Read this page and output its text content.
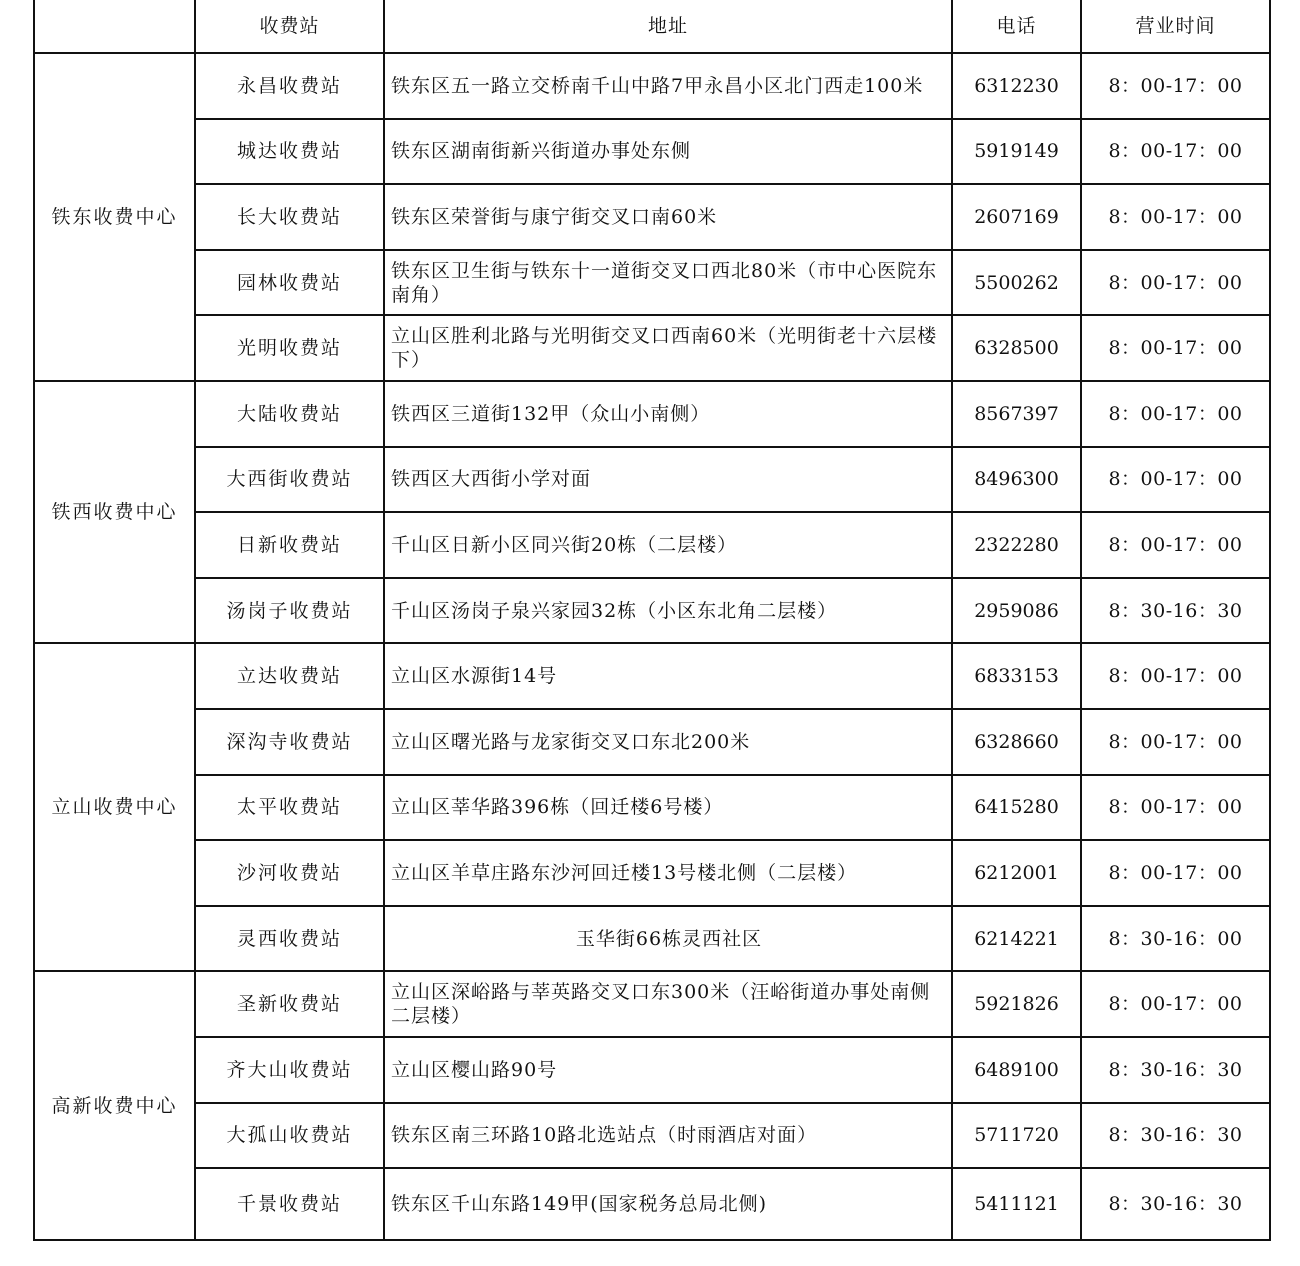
	收费站	地址	电话	营业时间
铁东收费中心	永昌收费站	铁东区五一路立交桥南千山中路7甲永昌小区北门西走100米	6312230	8：00-17：00
	城达收费站	铁东区湖南街新兴街道办事处东侧	5919149	8：00-17：00
	长大收费站	铁东区荣誉街与康宁街交叉口南60米	2607169	8：00-17：00
	园林收费站	铁东区卫生街与铁东十一道街交叉口西北80米（市中心医院东南角）	5500262	8：00-17：00
	光明收费站	立山区胜利北路与光明街交叉口西南60米（光明街老十六层楼下）	6328500	8：00-17：00
铁西收费中心	大陆收费站	铁西区三道街132甲（众山小南侧）	8567397	8：00-17：00
	大西街收费站	铁西区大西街小学对面	8496300	8：00-17：00
	日新收费站	千山区日新小区同兴街20栋（二层楼）	2322280	8：00-17：00
	汤岗子收费站	千山区汤岗子泉兴家园32栋（小区东北角二层楼）	2959086	8：30-16：30
立山收费中心	立达收费站	立山区水源街14号	6833153	8：00-17：00
	深沟寺收费站	立山区曙光路与龙家街交叉口东北200米	6328660	8：00-17：00
	太平收费站	立山区莘华路396栋（回迁楼6号楼）	6415280	8：00-17：00
	沙河收费站	立山区羊草庄路东沙河回迁楼13号楼北侧（二层楼）	6212001	8：00-17：00
	灵西收费站	玉华街66栋灵西社区	6214221	8：30-16：00
高新收费中心	圣新收费站	立山区深峪路与莘英路交叉口东300米（汪峪街道办事处南侧二层楼）	5921826	8：00-17：00
	齐大山收费站	立山区樱山路90号	6489100	8：30-16：30
	大孤山收费站	铁东区南三环路10路北选站点（时雨酒店对面）	5711720	8：30-16：30
	千景收费站	铁东区千山东路149甲(国家税务总局北侧)	5411121	8：30-16：30
